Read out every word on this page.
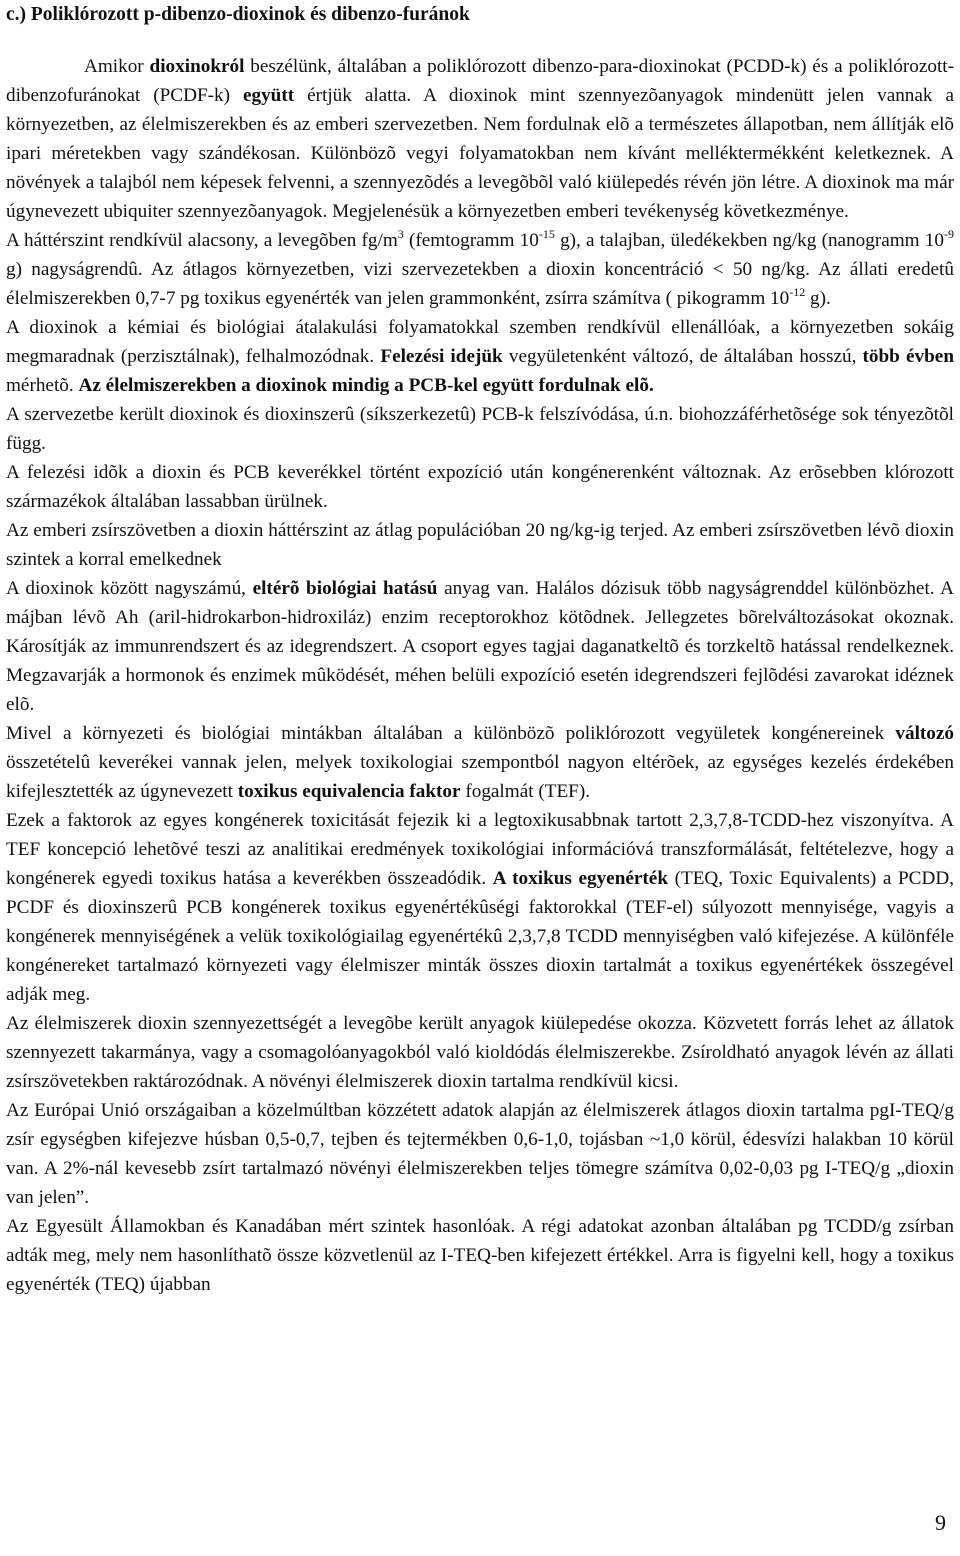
c.) Poliklórozott p-dibenzo-dioxinok és dibenzo-furánok

Amikor dioxinokról beszélünk, általában a poliklórozott dibenzo-para-dioxinokat (PCDD-k) és a poliklórozott-dibenzofuránokat (PCDF-k) együtt értjük alatta. A dioxinok mint szennyezõanyagok mindenütt jelen vannak a környezetben, az élelmiszerekben és az emberi szervezetben. Nem fordulnak elõ a természetes állapotban, nem állítják elõ ipari méretekben vagy szándékosan. Különbözõ vegyi folyamatokban nem kívánt melléktermékként keletkeznek. A növények a talajból nem képesek felvenni, a szennyezõdés a levegõbõl való kiülepedés révén jön létre. A dioxinok ma már úgynevezett ubiquiter szennyezõanyagok. Megjelenésük a környezetben emberi tevékenység következménye.

A háttérszint rendkívül alacsony, a levegõben $fg/m^3$ (femtogramm $10^{-15}$ g), a talajban, üledékekben ng/kg (nanogramm $10^{-9}$ g) nagyságrendû. Az átlagos környezetben, vizi szervezetekben a dioxin koncentráció < 50 ng/kg. Az állati eredetû élelmiszerekben 0,7-7 pg toxikus egyenérték van jelen grammonként, zsírra számítva ( pikogramm $10^{-12}$ g).

A dioxinok a kémiai és biológiai átalakulási folyamatokkal szemben rendkívül ellenállóak, a környezetben sokáig megmaradnak (perzisztálnak), felhalmozódnak. Felezési idejük vegyületenként változó, de általában hosszú, több évben mérhetõ. Az élelmiszerekben a dioxinok mindig a PCB-kel együtt fordulnak elõ.

A szervezetbe került dioxinok és dioxinszerû (síkszerkezetû) PCB-k felszívódása, ú.n. biohozzáférhetõsége sok tényezõtõl függ.

A felezési idõk a dioxin és PCB keverékkel történt expozíció után kongénerenként változnak. Az erõsebben klórozott származékok általában lassabban ürülnek.

Az emberi zsírszövetben a dioxin háttérszint az átlag populációban 20 ng/kg-ig terjed. Az emberi zsírszövetben lévõ dioxin szintek a korral emelkednek

A dioxinok között nagyszámú, eltérõ biológiai hatású anyag van. Halálos dózisuk több nagyságrenddel különbözhet. A májban lévõ Ah (aril-hidrokarbon-hidroxiláz) enzim receptorokhoz kötõdnek. Jellegzetes bõrelváltozásokat okoznak. Károsítják az immunrendszert és az idegrendszert. A csoport egyes tagjai daganatkeltõ és torzkeltõ hatással rendelkeznek. Megzavarják a hormonok és enzimek mûködését, méhen belüli expozíció esetén idegrendszeri fejlõdési zavarokat idéznek elõ.

Mivel a környezeti és biológiai mintákban általában a különbözõ poliklórozott vegyületek kongénereinek változó összetételû keverékei vannak jelen, melyek toxikologiai szempontból nagyon eltérõek, az egységes kezelés érdekében kifejlesztették az úgynevezett toxikus equivalencia faktor fogalmát (TEF).

Ezek a faktorok az egyes kongénerek toxicitását fejezik ki a legtoxikusabbnak tartott 2,3,7,8-TCDD-hez viszonyítva. A TEF koncepció lehetõvé teszi az analitikai eredmények toxikológiai információvá transzformálását, feltételezve, hogy a kongénerek egyedi toxikus hatása a keverékben összeadódik. A toxikus egyenérték (TEQ, Toxic Equivalents) a PCDD, PCDF és dioxinszerû PCB kongénerek toxikus egyenértékûségi faktorokkal (TEF-el) súlyozott mennyisége, vagyis a kongénerek mennyiségének a velük toxikológiailag egyenértékû 2,3,7,8 TCDD mennyiségben való kifejezése. A különféle kongénereket tartalmazó környezeti vagy élelmiszer minták összes dioxin tartalmát a toxikus egyenértékek összegével adják meg.

Az élelmiszerek dioxin szennyezettségét a levegõbe került anyagok kiülepedése okozza. Közvetett forrás lehet az állatok szennyezett takarmánya, vagy a csomagolóanyagokból való kioldódás élelmiszerekbe. Zsíroldható anyagok lévén az állati zsírszövetekben raktározódnak. A növényi élelmiszerek dioxin tartalma rendkívül kicsi.

Az Európai Unió országaiban a közelmúltban közzétett adatok alapján az élelmiszerek átlagos dioxin tartalma pgI-TEQ/g zsír egységben kifejezve húsban 0,5-0,7, tejben és tejtermékben 0,6-1,0, tojásban ~1,0 körül, édesvízi halakban 10 körül van. A 2%-nál kevesebb zsírt tartalmazó növényi élelmiszerekben teljes tömegre számítva 0,02-0,03 pg I-TEQ/g „dioxin van jelen”.

Az Egyesült Államokban és Kanadában mért szintek hasonlóak. A régi adatokat azonban általában pg TCDD/g zsírban adták meg, mely nem hasonlíthatõ össze közvetlenül az I-TEQ-ben kifejezett értékkel. Arra is figyelni kell, hogy a toxikus egyenérték (TEQ) újabban

9
